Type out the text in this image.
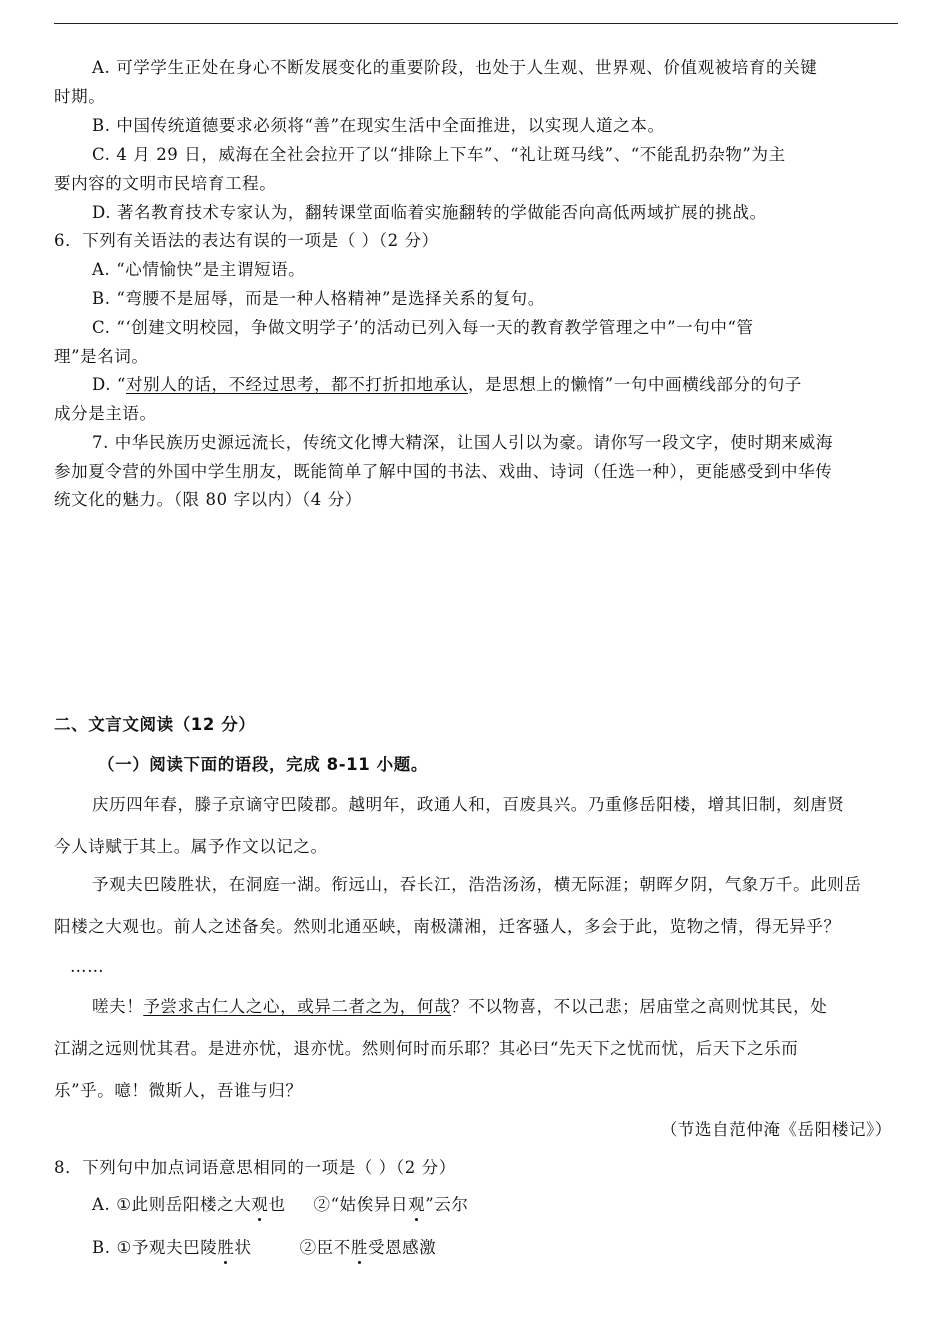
A. 可学学生正处在身心不断发展变化的重要阶段，也处于人生观、世界观、价值观被培育的关键
时期。
B. 中国传统道德要求必须将“善”在现实生活中全面推进，以实现人道之本。
C. 4 月 29 日，威海在全社会拉开了以“排除上下车”、“礼让斑马线”、“不能乱扔杂物”为主
要内容的文明市民培育工程。
D. 著名教育技术专家认为，翻转课堂面临着实施翻转的学做能否向高低两域扩展的挑战。
6．下列有关语法的表达有误的一项是（ ）（2 分）
A. “心情愉快”是主谓短语。
B. “弯腰不是屈辱，而是一种人格精神”是选择关系的复句。
C. “‘创建文明校园，争做文明学子’的活动已列入每一天的教育教学管理之中”一句中“管
理”是名词。
D. “对别人的话，不经过思考，都不打折扣地承认，是思想上的懒惰”一句中画横线部分的句子
成分是主语。
7. 中华民族历史源远流长，传统文化博大精深，让国人引以为豪。请你写一段文字，使时期来威海
参加夏令营的外国中学生朋友，既能简单了解中国的书法、戏曲、诗词（任选一种），更能感受到中华传
统文化的魅力。（限 80 字以内）（4 分）
二、文言文阅读（12 分）
（一）阅读下面的语段，完成 8-11 小题。
庆历四年春，滕子京谪守巴陵郡。越明年，政通人和，百废具兴。乃重修岳阳楼，增其旧制，刻唐贤
今人诗赋于其上。属予作文以记之。
予观夫巴陵胜状，在洞庭一湖。衔远山，吞长江，浩浩汤汤，横无际涯；朝晖夕阴，气象万千。此则岳
阳楼之大观也。前人之述备矣。然则北通巫峡，南极潇湘，迁客骚人，多会于此，览物之情，得无异乎？
……
嗟夫！予尝求古仁人之心，或异二者之为，何哉？不以物喜，不以己悲；居庙堂之高则忧其民，处
江湖之远则忧其君。是进亦忧，退亦忧。然则何时而乐耶？其必曰“先天下之忧而忧，后天下之乐而
乐”乎。噫！微斯人，吾谁与归？
（节选自范仲淹《岳阳楼记》）
8．下列句中加点词语意思相同的一项是（ ）（2 分）
A. ①此则岳阳楼之大观也 ②“姑俟异日观”云尔
B. ①予观夫巴陵胜状	②臣不胜受恩感激
